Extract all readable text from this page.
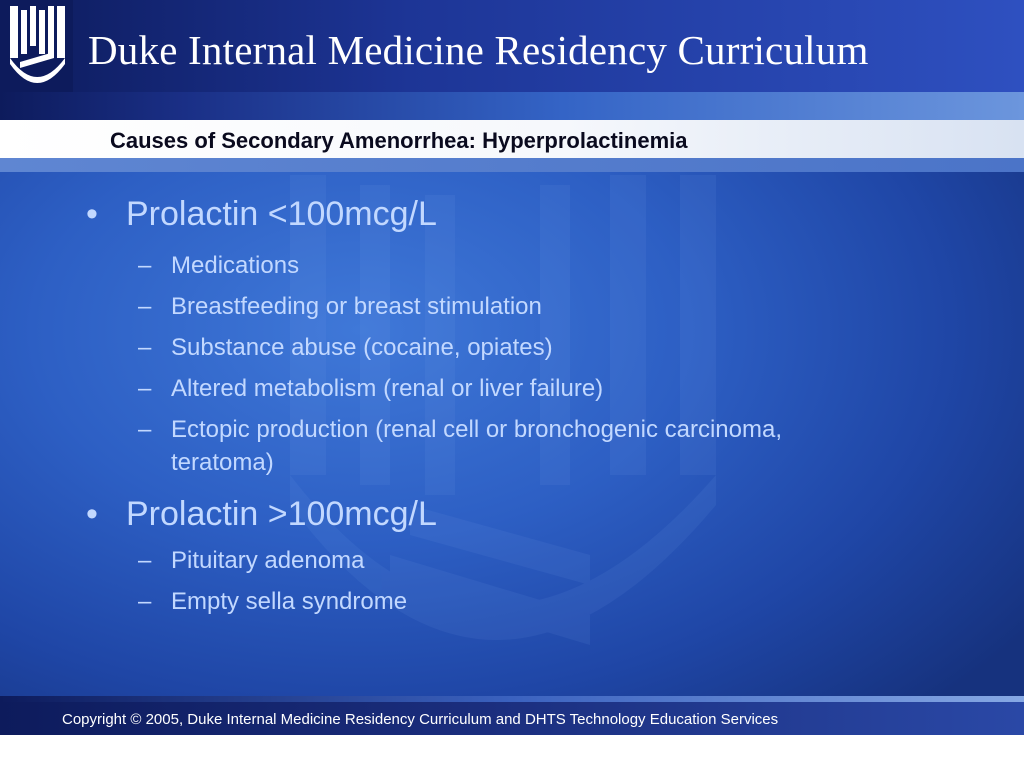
Duke Internal Medicine Residency Curriculum
Causes of Secondary Amenorrhea: Hyperprolactinemia
• Prolactin <100mcg/L
– Medications
– Breastfeeding or breast stimulation
– Substance abuse (cocaine, opiates)
– Altered metabolism (renal or liver failure)
– Ectopic production (renal cell or bronchogenic carcinoma,
teratoma)
• Prolactin >100mcg/L
– Pituitary adenoma
– Empty sella syndrome
Copyright © 2005, Duke Internal Medicine Residency Curriculum and DHTS Technology Education Services
